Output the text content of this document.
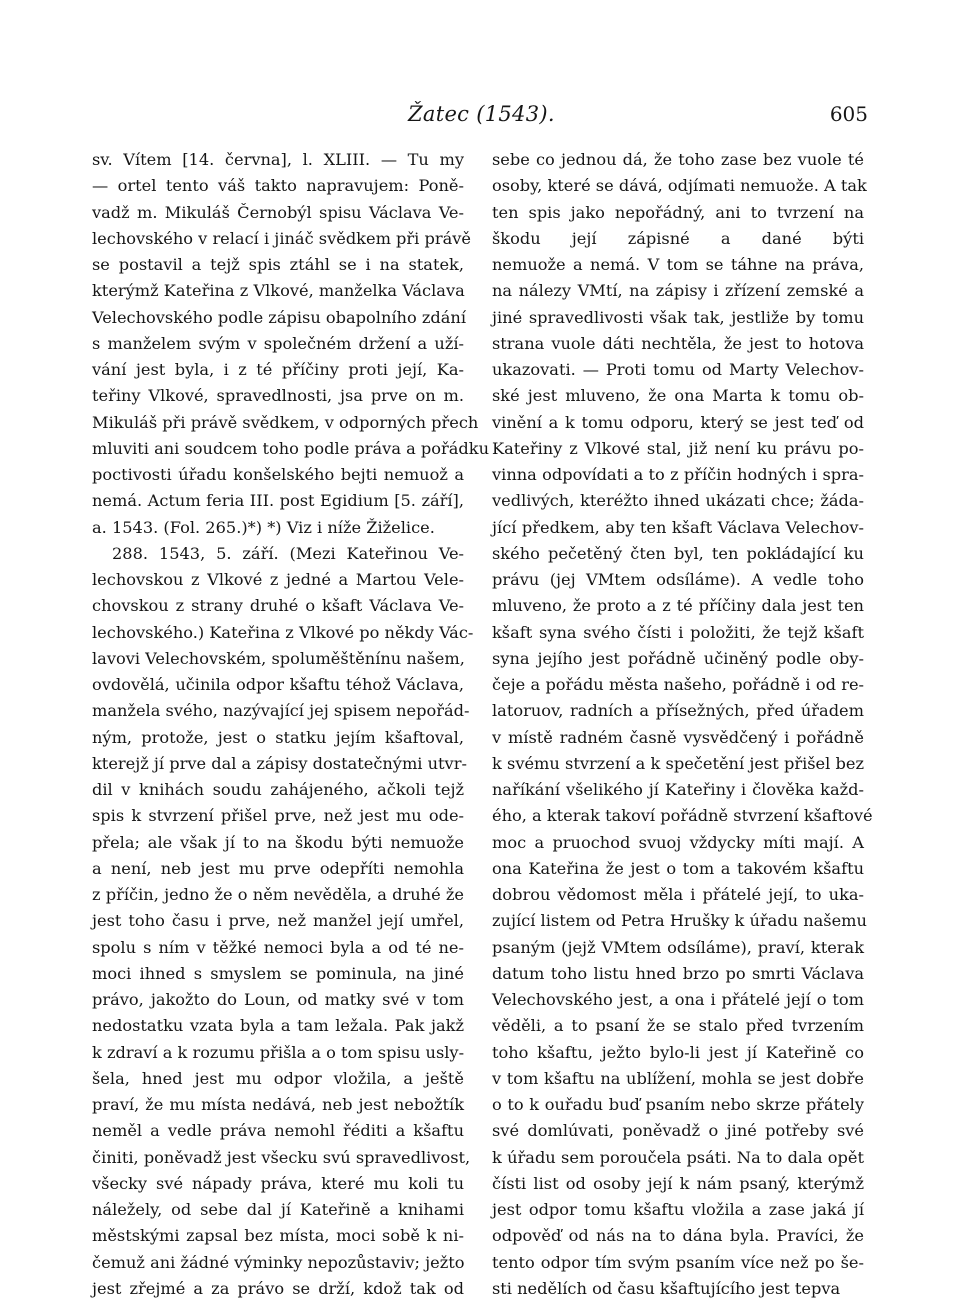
Žatec (1543).	605
sv. Vítem [14. června], l. XLIII. — Tu my
— ortel tento váš takto napravujem: Poně-
vadž m. Mikuláš Černobýl spisu Václava Ve-
lechovského v relací i jináč svědkem při právě
se postavil a tejž spis ztáhl se i na statek,
kterýmž Kateřina z Vlkové, manželka Václava
Velechovského podle zápisu obapolního zdání
s manželem svým v společném držení a uží-
vání jest byla, i z té příčiny proti její, Ka-
teřiny Vlkové, spravedlnosti, jsa prve on m.
Mikuláš při právě svědkem, v odporných přech
mluviti ani soudcem toho podle práva a pořádku
poctivosti úřadu konšelského bejti nemuož a
nemá. Actum feria III. post Egidium [5. září],
a. 1543. (Fol. 265.)*) *) Viz i níže Žiželice.
288. 1543, 5. září. (Mezi Kateřinou Ve-
lechovskou z Vlkové z jedné a Martou Vele-
chovskou z strany druhé o kšaft Václava Ve-
lechovského.) Kateřina z Vlkové po někdy Vác-
lavovi Velechovském, spoluměštěnínu našem,
ovdovělá, učinila odpor kšaftu téhož Václava,
manžela svého, nazývající jej spisem nepořád-
ným, protože, jest o statku jejím kšaftoval,
kterejž jí prve dal a zápisy dostatečnými utvr-
dil v knihách soudu zahájeného, ačkoli tejž
spis k stvrzení přišel prve, než jest mu ode-
přela; ale však jí to na škodu býti nemuože
a není, neb jest mu prve odepříti nemohla
z příčin, jedno že o něm nevěděla, a druhé že
jest toho času i prve, než manžel její umřel,
spolu s ním v těžké nemoci byla a od té ne-
moci ihned s smyslem se pominula, na jiné
právo, jakožto do Loun, od matky své v tom
nedostatku vzata byla a tam ležala. Pak jakž
k zdraví a k rozumu přišla a o tom spisu usly-
šela, hned jest mu odpor vložila, a ještě
praví, že mu místa nedává, neb jest nebožtík
neměl a vedle práva nemohl řéditi a kšaftu
činiti, poněvadž jest všecku svú spravedlivost,
všecky své nápady práva, které mu koli tu
náležely, od sebe dal jí Kateřině a knihami
městskými zapsal bez místa, moci sobě k ni-
čemuž ani žádné výminky nepozůstaviv; ježto
jest zřejmé a za právo se drží, kdož tak od
sebe co jednou dá, že toho zase bez vuole té
osoby, které se dává, odjímati nemuože. A tak
ten spis jako nepořádný, ani to tvrzení na
škodu její zápisné a dané býti
nemuože a nemá. V tom se táhne na práva,
na nálezy VMtí, na zápisy i zřízení zemské a
jiné spravedlivosti však tak, jestliže by tomu
strana vuole dáti nechtěla, že jest to hotova
ukazovati. — Proti tomu od Marty Velechov-
ské jest mluveno, že ona Marta k tomu ob-
vinění a k tomu odporu, který se jest teď od
Kateřiny z Vlkové stal, již není ku právu po-
vinna odpovídati a to z příčin hodných i spra-
vedlivých, kteréžto ihned ukázati chce; žáda-
jící předkem, aby ten kšaft Václava Velechov-
ského pečetěný čten byl, ten pokládající ku
právu (jej VMtem odsíláme). A vedle toho
mluveno, že proto a z té příčiny dala jest ten
kšaft syna svého čísti i položiti, že tejž kšaft
syna jejího jest pořádně učiněný podle oby-
čeje a pořádu města našeho, pořádně i od re-
latoruov, radních a přísežných, před úřadem
v místě radném časně vysvědčený i pořádně
k svému stvrzení a k spečetění jest přišel bez
naříkání všelikého jí Kateřiny i člověka každ-
ého, a kterak takoví pořádně stvrzení kšaftové
moc a pruochod svuoj vždycky míti mají. A
ona Kateřina že jest o tom a takovém kšaftu
dobrou vědomost měla i přátelé její, to uka-
zující listem od Petra Hrušky k úřadu našemu
psaným (jejž VMtem odsíláme), praví, kterak
datum toho listu hned brzo po smrti Václava
Velechovského jest, a ona i přátelé její o tom
věděli, a to psaní že se stalo před tvrzením
toho kšaftu, ježto bylo-li jest jí Kateřině co
v tom kšaftu na ublížení, mohla se jest dobře
o to k ouřadu buď psaním nebo skrze přátely
své domlúvati, poněvadž o jiné potřeby své
k úřadu sem poroučela psáti. Na to dala opět
čísti list od osoby její k nám psaný, kterýmž
jest odpor tomu kšaftu vložila a zase jaká jí
odpověď od nás na to dána byla. Pravíci, že
tento odpor tím svým psaním více než po še-
sti nedělích od času kšaftujícího jest tepva
